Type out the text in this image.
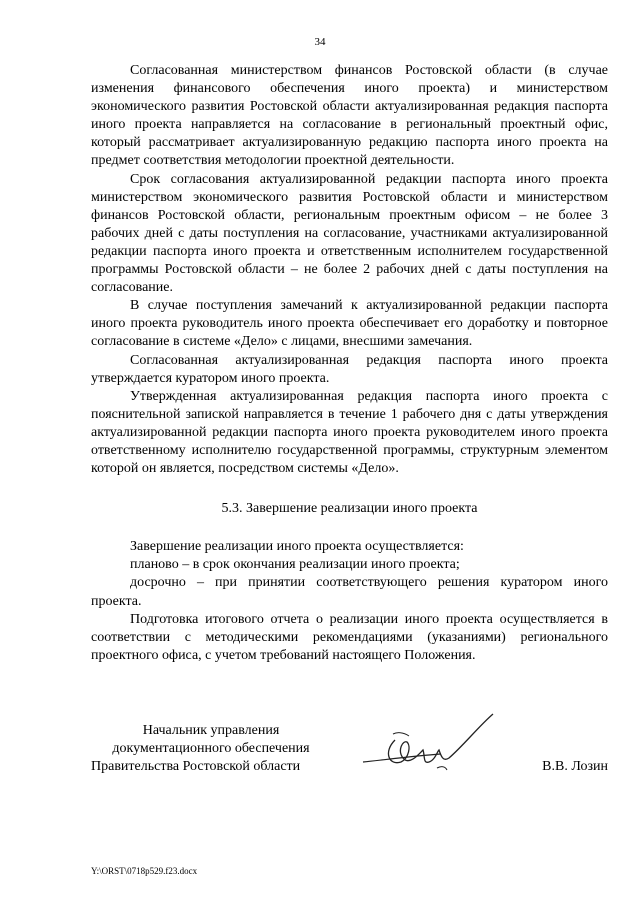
34

Согласованная министерством финансов Ростовской области (в случае изменения финансового обеспечения иного проекта) и министерством экономического развития Ростовской области актуализированная редакция паспорта иного проекта направляется на согласование в региональный проектный офис, который рассматривает актуализированную редакцию паспорта иного проекта на предмет соответствия методологии проектной деятельности.

Срок согласования актуализированной редакции паспорта иного проекта министерством экономического развития Ростовской области и министерством финансов Ростовской области, региональным проектным офисом – не более 3 рабочих дней с даты поступления на согласование, участниками актуализированной редакции паспорта иного проекта и ответственным исполнителем государственной программы Ростовской области – не более 2 рабочих дней с даты поступления на согласование.

В случае поступления замечаний к актуализированной редакции паспорта иного проекта руководитель иного проекта обеспечивает его доработку и повторное согласование в системе «Дело» с лицами, внесшими замечания.

Согласованная актуализированная редакция паспорта иного проекта утверждается куратором иного проекта.

Утвержденная актуализированная редакция паспорта иного проекта с пояснительной запиской направляется в течение 1 рабочего дня с даты утверждения актуализированной редакции паспорта иного проекта руководителем иного проекта ответственному исполнителю государственной программы, структурным элементом которой он является, посредством системы «Дело».

5.3. Завершение реализации иного проекта

Завершение реализации иного проекта осуществляется:

планово – в срок окончания реализации иного проекта;

досрочно – при принятии соответствующего решения куратором иного проекта.

Подготовка итогового отчета о реализации иного проекта осуществляется в соответствии с методическими рекомендациями (указаниями) регионального проектного офиса, с учетом требований настоящего Положения.

Начальник управления
документационного обеспечения
Правительства Ростовской области	В.В. Лозин
Y:\ORST\0718p529.f23.docx
